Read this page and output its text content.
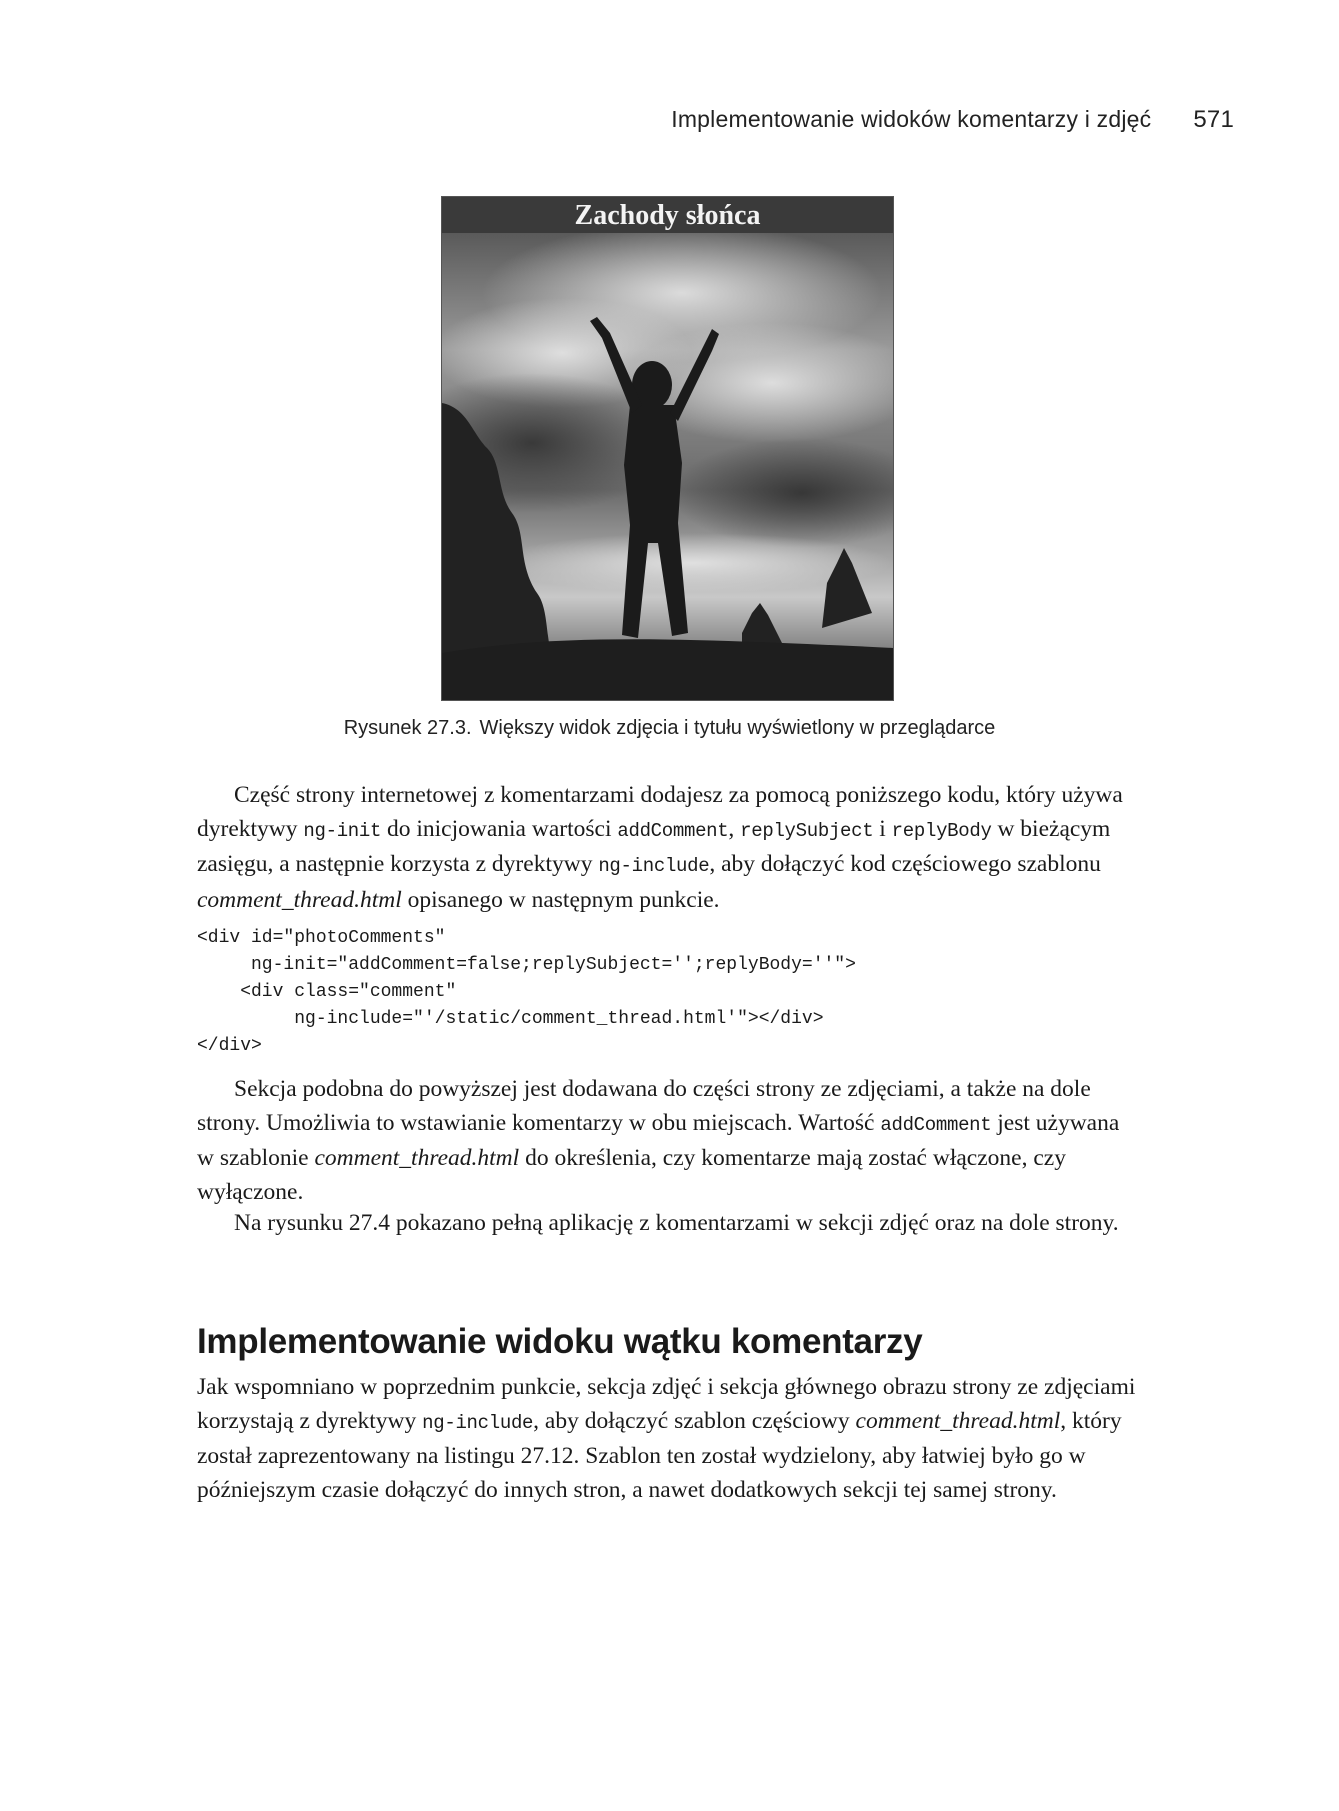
Implementowanie widoków komentarzy i zdjęć 571
Zachody słońca
Rysunek 27.3. Większy widok zdjęcia i tytułu wyświetlony w przeglądarce
Część strony internetowej z komentarzami dodajesz za pomocą poniższego kodu, który używa dyrektywy ng-init do inicjowania wartości addComment, replySubject i replyBody w bieżącym zasięgu, a następnie korzysta z dyrektywy ng-include, aby dołączyć kod częściowego szablonu comment_thread.html opisanego w następnym punkcie.
<div id="photoComments"
ng-init="addComment=false;replySubject='';replyBody=''">
<div class="comment"
ng-include="'/static/comment_thread.html'"></div>
</div>
Sekcja podobna do powyższej jest dodawana do części strony ze zdjęciami, a także na dole strony. Umożliwia to wstawianie komentarzy w obu miejscach. Wartość addComment jest używana w szablonie comment_thread.html do określenia, czy komentarze mają zostać włączone, czy wyłączone.
Na rysunku 27.4 pokazano pełną aplikację z komentarzami w sekcji zdjęć oraz na dole strony.
Implementowanie widoku wątku komentarzy
Jak wspomniano w poprzednim punkcie, sekcja zdjęć i sekcja głównego obrazu strony ze zdjęciami korzystają z dyrektywy ng-include, aby dołączyć szablon częściowy comment_thread.html, który został zaprezentowany na listingu 27.12. Szablon ten został wydzielony, aby łatwiej było go w późniejszym czasie dołączyć do innych stron, a nawet dodatkowych sekcji tej samej strony.
